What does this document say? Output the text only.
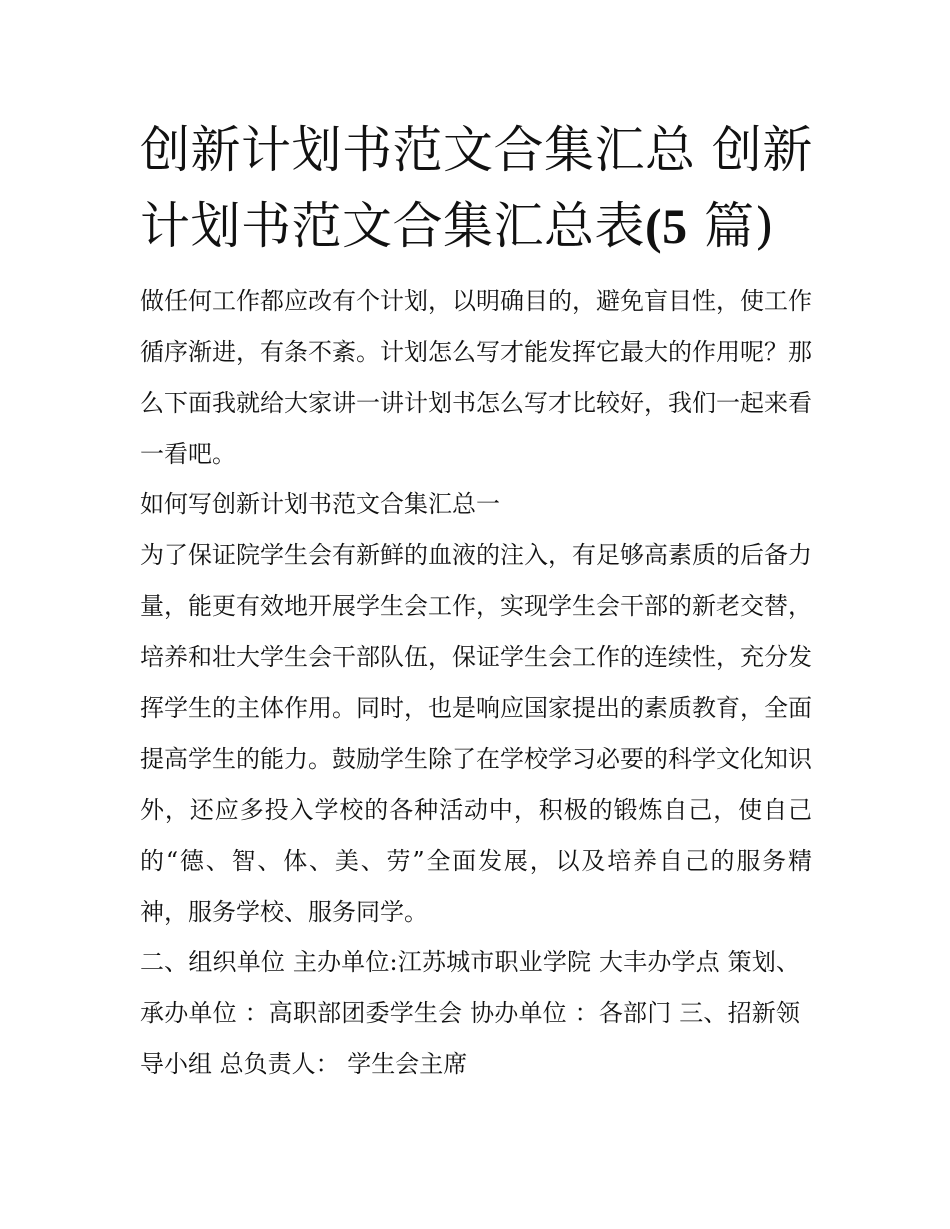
创新计划书范文合集汇总 创新计划书范文合集汇总表(5 篇)

做任何工作都应改有个计划，以明确目的，避免盲目性，使工作循序渐进，有条不紊。计划怎么写才能发挥它最大的作用呢？那么下面我就给大家讲一讲计划书怎么写才比较好，我们一起来看一看吧。

如何写创新计划书范文合集汇总一

为了保证院学生会有新鲜的血液的注入，有足够高素质的后备力量，能更有效地开展学生会工作，实现学生会干部的新老交替，培养和壮大学生会干部队伍，保证学生会工作的连续性，充分发挥学生的主体作用。同时，也是响应国家提出的素质教育，全面提高学生的能力。鼓励学生除了在学校学习必要的科学文化知识外，还应多投入学校的各种活动中，积极的锻炼自己，使自己的“德、智、体、美、劳”全面发展，以及培养自己的服务精神，服务学校、服务同学。

二、组织单位 主办单位:江苏城市职业学院 大丰办学点 策划、承办单位 ：高职部团委学生会 协办单位 ：各部门 三、招新领导小组 总负责人： 学生会主席
